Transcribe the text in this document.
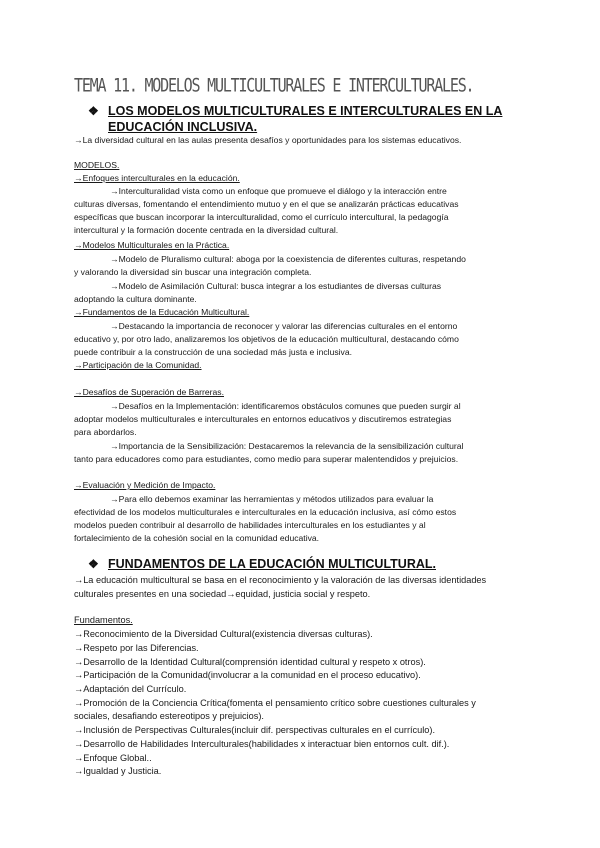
TEMA 11. MODELOS MULTICULTURALES E INTERCULTURALES.
❖ LOS MODELOS MULTICULTURALES E INTERCULTURALES EN LA
EDUCACIÓN INCLUSIVA.
→La diversidad cultural en las aulas presenta desafíos y oportunidades para los sistemas educativos.
MODELOS.
→Enfoques interculturales en la educación.
→Interculturalidad vista como un enfoque que promueve el diálogo y la interacción entre
culturas diversas, fomentando el entendimiento mutuo y en el que se analizarán prácticas educativas
específicas que buscan incorporar la interculturalidad, como el currículo intercultural, la pedagogía
intercultural y la formación docente centrada en la diversidad cultural.
→Modelos Multiculturales en la Práctica.
→Modelo de Pluralismo cultural: aboga por la coexistencia de diferentes culturas, respetando
y valorando la diversidad sin buscar una integración completa.
→Modelo de Asimilación Cultural: busca integrar a los estudiantes de diversas culturas
adoptando la cultura dominante.
→Fundamentos de la Educación Multicultural.
→Destacando la importancia de reconocer y valorar las diferencias culturales en el entorno
educativo y, por otro lado, analizaremos los objetivos de la educación multicultural, destacando cómo
puede contribuir a la construcción de una sociedad más justa e inclusiva.
→Participación de la Comunidad.
→Desafíos de Superación de Barreras.
→Desafíos en la Implementación: identificaremos obstáculos comunes que pueden surgir al
adoptar modelos multiculturales e interculturales en entornos educativos y discutiremos estrategias
para abordarlos.
→Importancia de la Sensibilización: Destacaremos la relevancia de la sensibilización cultural
tanto para educadores como para estudiantes, como medio para superar malentendidos y prejuicios.
→Evaluación y Medición de Impacto.
→Para ello debemos examinar las herramientas y métodos utilizados para evaluar la
efectividad de los modelos multiculturales e interculturales en la educación inclusiva, así cómo estos
modelos pueden contribuir al desarrollo de habilidades interculturales en los estudiantes y al
fortalecimiento de la cohesión social en la comunidad educativa.
❖ FUNDAMENTOS DE LA EDUCACIÓN MULTICULTURAL.
→La educación multicultural se basa en el reconocimiento y la valoración de las diversas identidades
culturales presentes en una sociedad→equidad, justicia social y respeto.
Fundamentos.
→Reconocimiento de la Diversidad Cultural(existencia diversas culturas).
→Respeto por las Diferencias.
→Desarrollo de la Identidad Cultural(comprensión identidad cultural y respeto x otros).
→Participación de la Comunidad(involucrar a la comunidad en el proceso educativo).
→Adaptación del Currículo.
→Promoción de la Conciencia Crítica(fomenta el pensamiento crítico sobre cuestiones culturales y
sociales, desafiando estereotipos y prejuicios).
→Inclusión de Perspectivas Culturales(incluir dif. perspectivas culturales en el currículo).
→Desarrollo de Habilidades Interculturales(habilidades x interactuar bien entornos cult. dif.).
→Enfoque Global..
→Igualdad y Justicia.
